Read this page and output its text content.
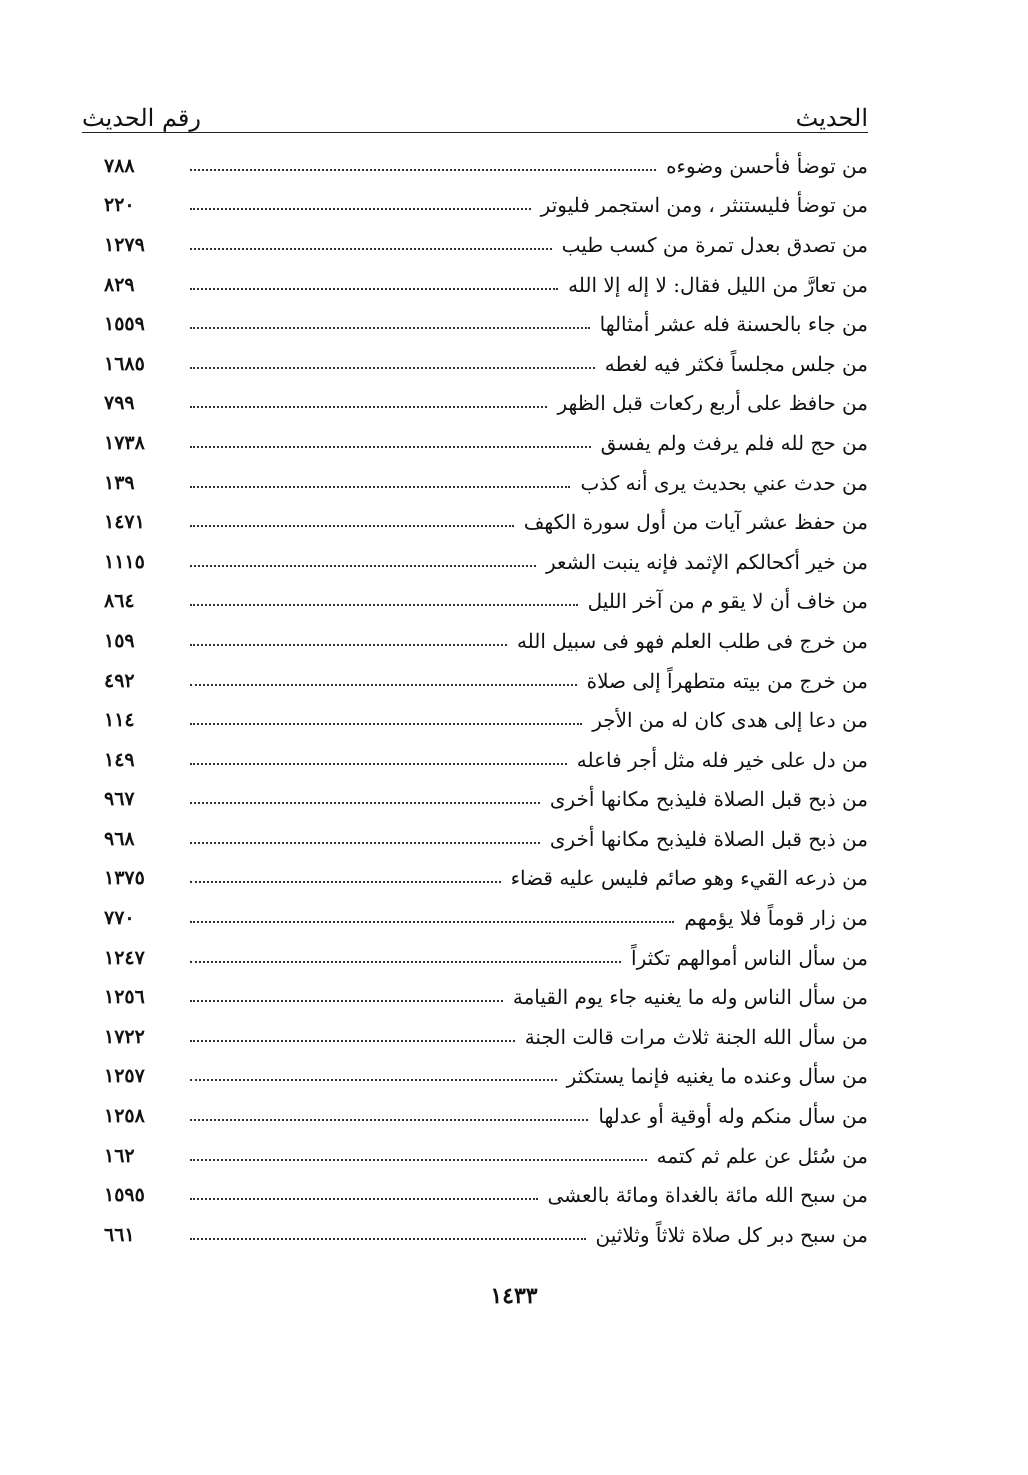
الحديث
رقم الحديث
من توضأ فأحسن وضوءه
٧٨٨
من توضأ فليستنثر ، ومن استجمر فليوتر
٢٢٠
من تصدق بعدل تمرة من كسب طيب
١٢٧٩
من تعارَّ من الليل فقال: لا إله إلا الله
٨٢٩
من جاء بالحسنة فله عشر أمثالها
١٥٥٩
من جلس مجلساً فكثر فيه لغطه
١٦٨٥
من حافظ على أربع ركعات قبل الظهر
٧٩٩
من حج لله فلم يرفث ولم يفسق
١٧٣٨
من حدث عني بحديث يرى أنه كذب
١٣٩
من حفظ عشر آيات من أول سورة الكهف
١٤٧١
من خير أكحالكم الإثمد فإنه ينبت الشعر
١١١٥
من خاف أن لا يقو م من آخر الليل
٨٦٤
من خرج فى طلب العلم فهو فى سبيل الله
١٥٩
من خرج من بيته متطهراً إلى صلاة
٤٩٢
من دعا إلى هدى كان له من الأجر
١١٤
من دل على خير فله مثل أجر فاعله
١٤٩
من ذبح قبل الصلاة فليذبح مكانها أخرى
٩٦٧
من ذبح قبل الصلاة فليذبح مكانها أخرى
٩٦٨
من ذرعه القيء وهو صائم فليس عليه قضاء
١٣٧٥
من زار قوماً فلا يؤمهم
٧٧٠
من سأل الناس أموالهم تكثراً
١٢٤٧
من سأل الناس وله ما يغنيه جاء يوم القيامة
١٢٥٦
من سأل الله الجنة ثلاث مرات قالت الجنة
١٧٢٢
من سأل وعنده ما يغنيه فإنما يستكثر
١٢٥٧
من سأل منكم وله أوقية أو عدلها
١٢٥٨
من سُئل عن علم ثم كتمه
١٦٢
من سبح الله مائة بالغداة ومائة بالعشى
١٥٩٥
من سبح دبر كل صلاة ثلاثاً وثلاثين
٦٦١
١٤٣٣
